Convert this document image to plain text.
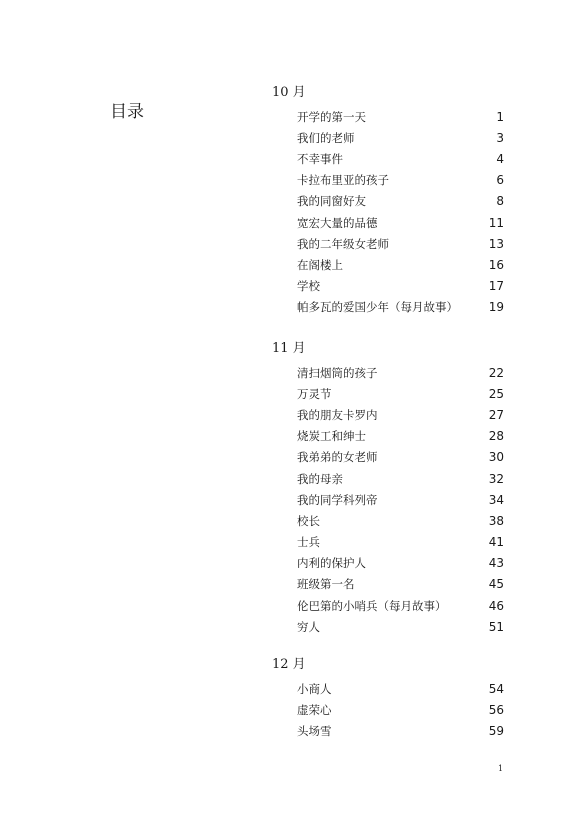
目录
10 月
开学的第一天	1
我们的老师	3
不幸事件	4
卡拉布里亚的孩子	6
我的同窗好友	8
宽宏大量的品德	11
我的二年级女老师	13
在阁楼上	16
学校	17
帕多瓦的爱国少年（每月故事）	19
11 月
清扫烟筒的孩子	22
万灵节	25
我的朋友卡罗内	27
烧炭工和绅士	28
我弟弟的女老师	30
我的母亲	32
我的同学科列帝	34
校长	38
士兵	41
内利的保护人	43
班级第一名	45
伦巴第的小哨兵（每月故事）	46
穷人	51
12 月
小商人	54
虚荣心	56
头场雪	59
1
